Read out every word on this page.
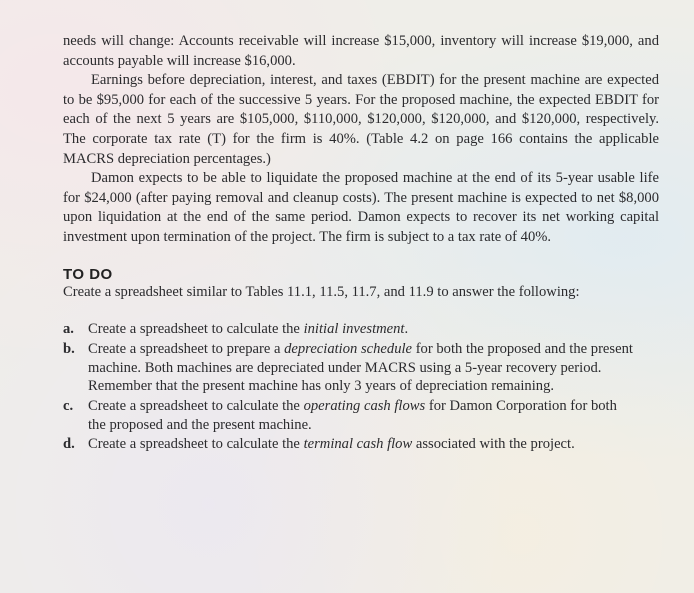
needs will change: Accounts receivable will increase $15,000, inventory will increase $19,000, and accounts payable will increase $16,000.

Earnings before depreciation, interest, and taxes (EBDIT) for the present machine are expected to be $95,000 for each of the successive 5 years. For the proposed machine, the expected EBDIT for each of the next 5 years are $105,000, $110,000, $120,000, $120,000, and $120,000, respectively. The corporate tax rate (T) for the firm is 40%. (Table 4.2 on page 166 contains the applicable MACRS depreciation percentages.)

Damon expects to be able to liquidate the proposed machine at the end of its 5-year usable life for $24,000 (after paying removal and cleanup costs). The present machine is expected to net $8,000 upon liquidation at the end of the same period. Damon expects to recover its net working capital investment upon termination of the project. The firm is subject to a tax rate of 40%.

TO DO

Create a spreadsheet similar to Tables 11.1, 11.5, 11.7, and 11.9 to answer the following:

a. Create a spreadsheet to calculate the initial investment.
b. Create a spreadsheet to prepare a depreciation schedule for both the proposed and the present machine. Both machines are depreciated under MACRS using a 5-year recovery period. Remember that the present machine has only 3 years of depreciation remaining.
c. Create a spreadsheet to calculate the operating cash flows for Damon Corporation for both the proposed and the present machine.
d. Create a spreadsheet to calculate the terminal cash flow associated with the project.
